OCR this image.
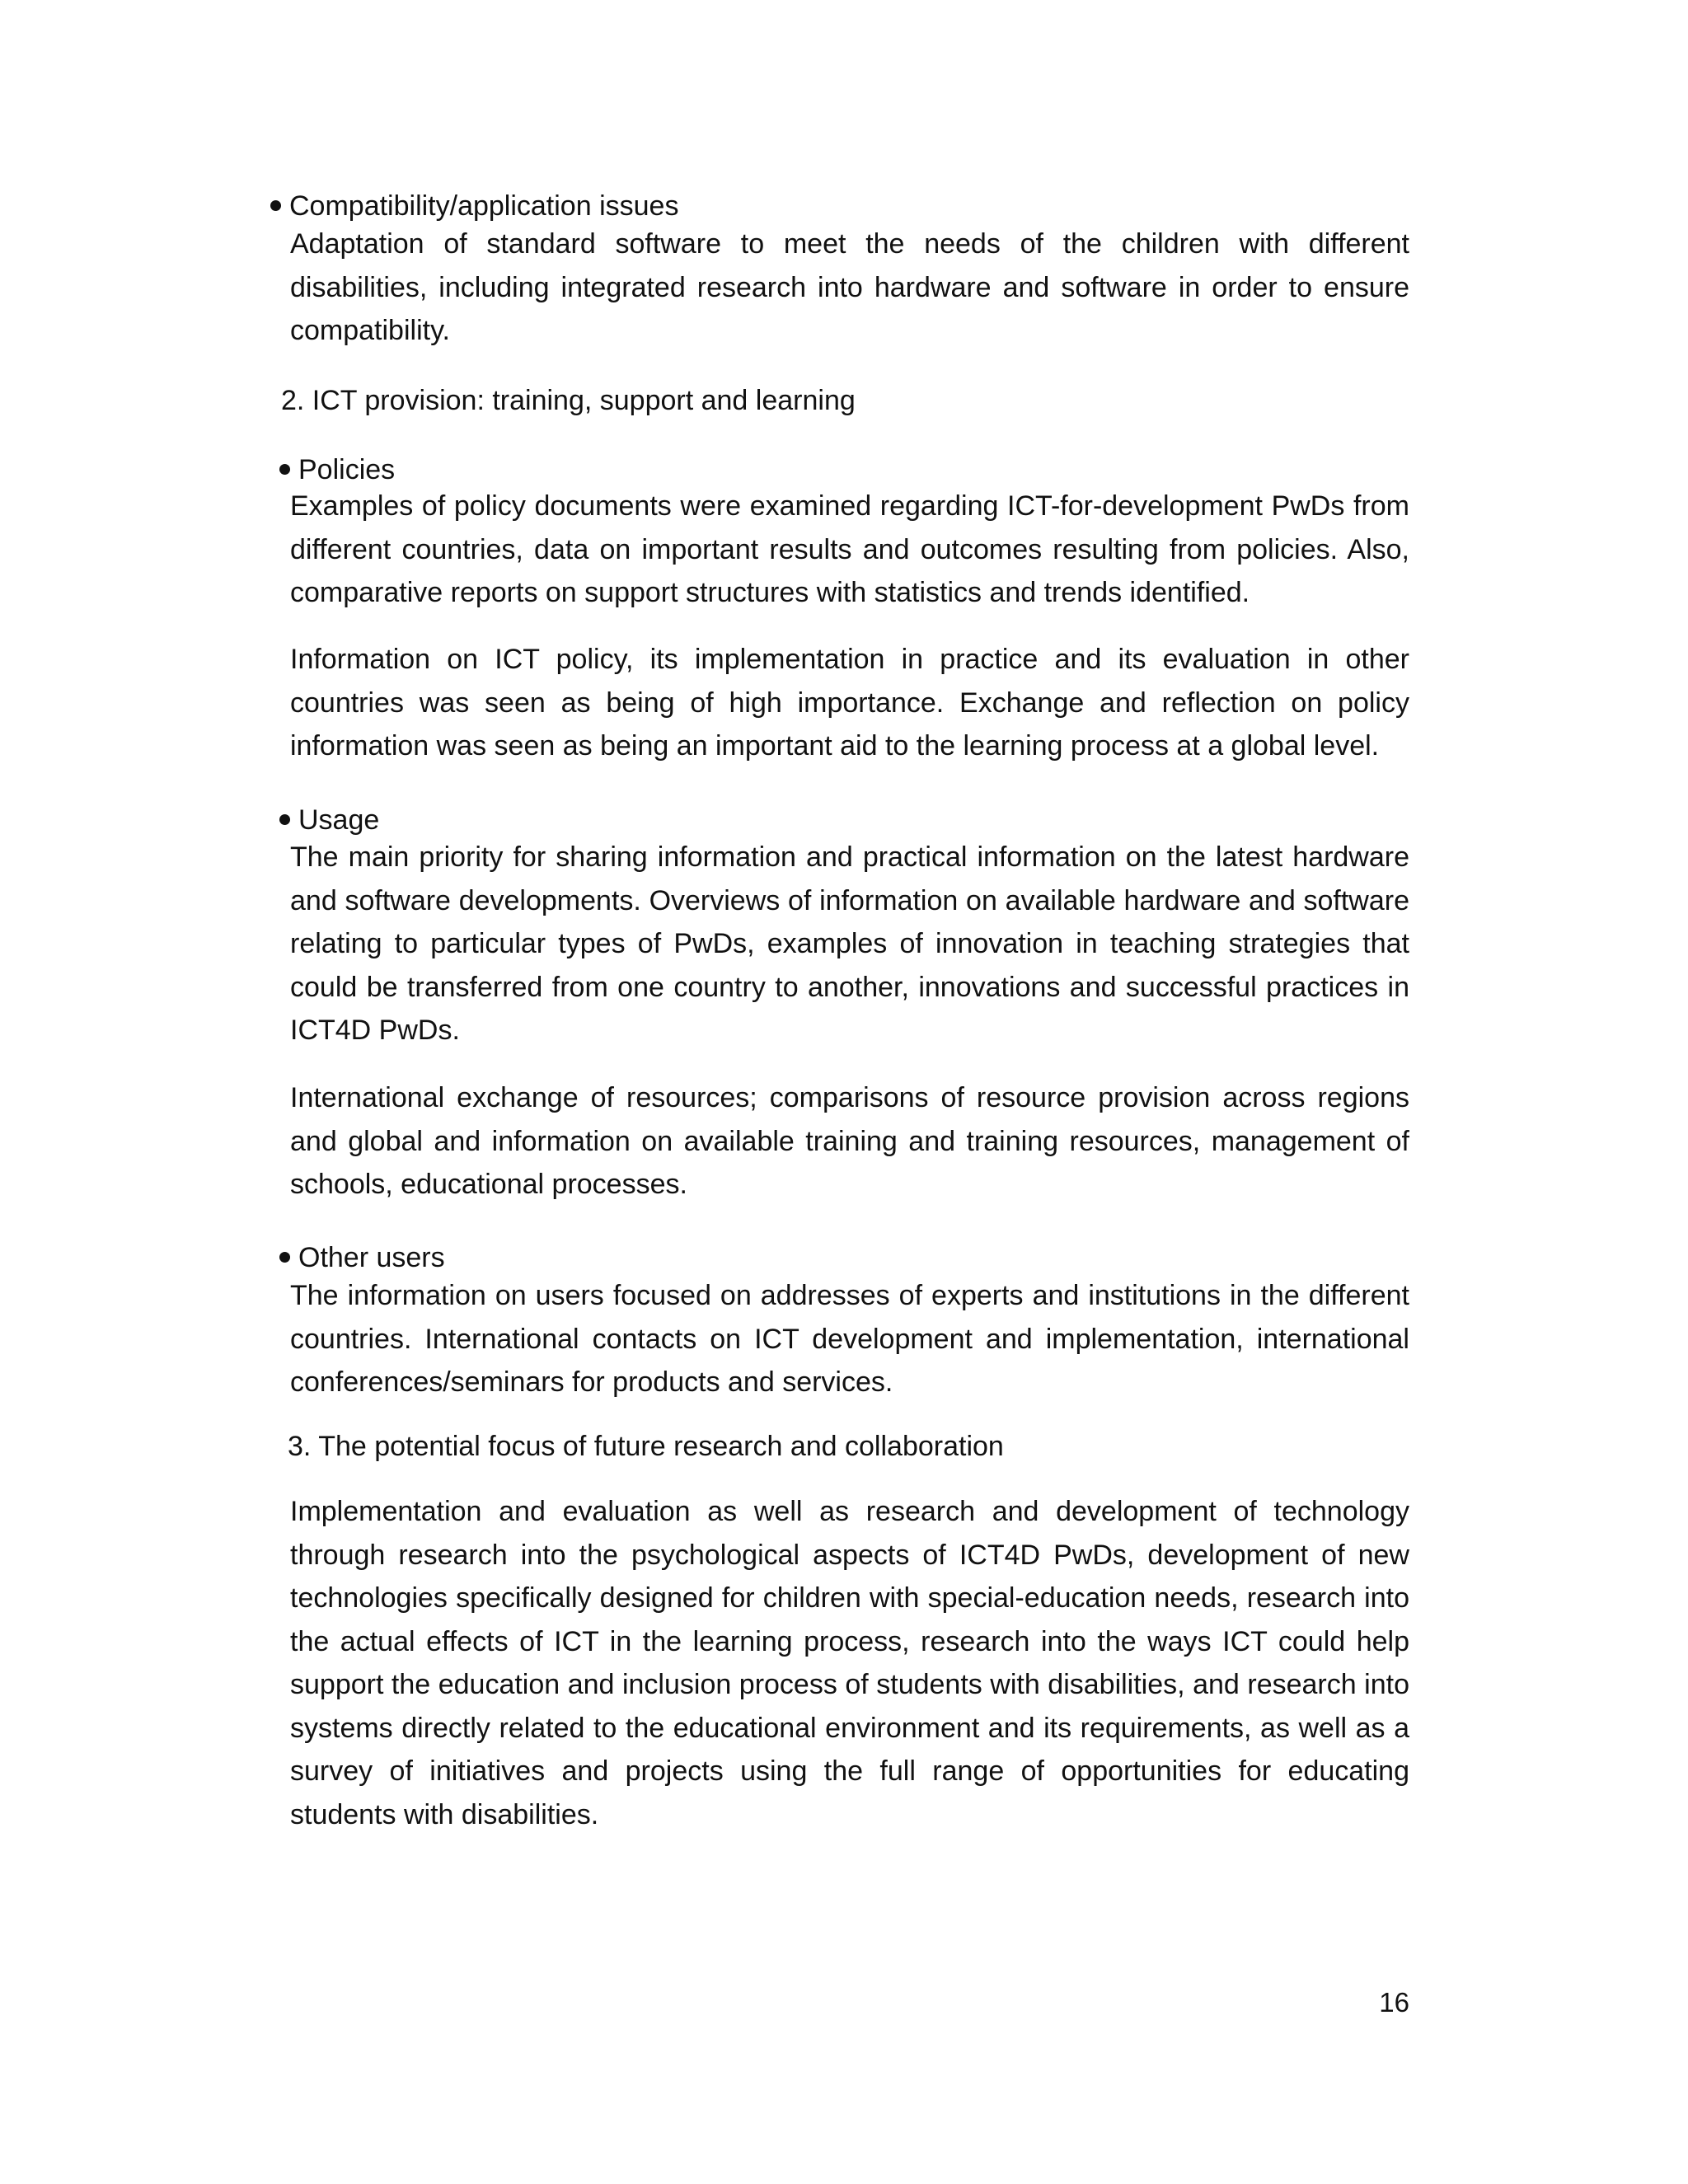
Compatibility/application issues

Adaptation of standard software to meet the needs of the children with different disabilities, including integrated research into hardware and software in order to ensure compatibility.

2. ICT provision: training, support and learning
Policies

Examples of policy documents were examined regarding ICT-for-development PwDs from different countries, data on important results and outcomes resulting from policies. Also, comparative reports on support structures with statistics and trends identified.

Information on ICT policy, its implementation in practice and its evaluation in other countries was seen as being of high importance. Exchange and reflection on policy information was seen as being an important aid to the learning process at a global level.

Usage

The main priority for sharing information and practical information on the latest hardware and software developments. Overviews of information on available hardware and software relating to particular types of PwDs, examples of innovation in teaching strategies that could be transferred from one country to another, innovations and successful practices in ICT4D PwDs.

International exchange of resources; comparisons of resource provision across regions and global and information on available training and training resources, management of schools, educational processes.

Other users

The information on users focused on addresses of experts and institutions in the different countries. International contacts on ICT development and implementation, international conferences/seminars for products and services.

3. The potential focus of future research and collaboration

Implementation and evaluation as well as research and development of technology through research into the psychological aspects of ICT4D PwDs, development of new technologies specifically designed for children with special-education needs, research into the actual effects of ICT in the learning process, research into the ways ICT could help support the education and inclusion process of students with disabilities, and research into systems directly related to the educational environment and its requirements, as well as a survey of initiatives and projects using the full range of opportunities for educating students with disabilities.

16
